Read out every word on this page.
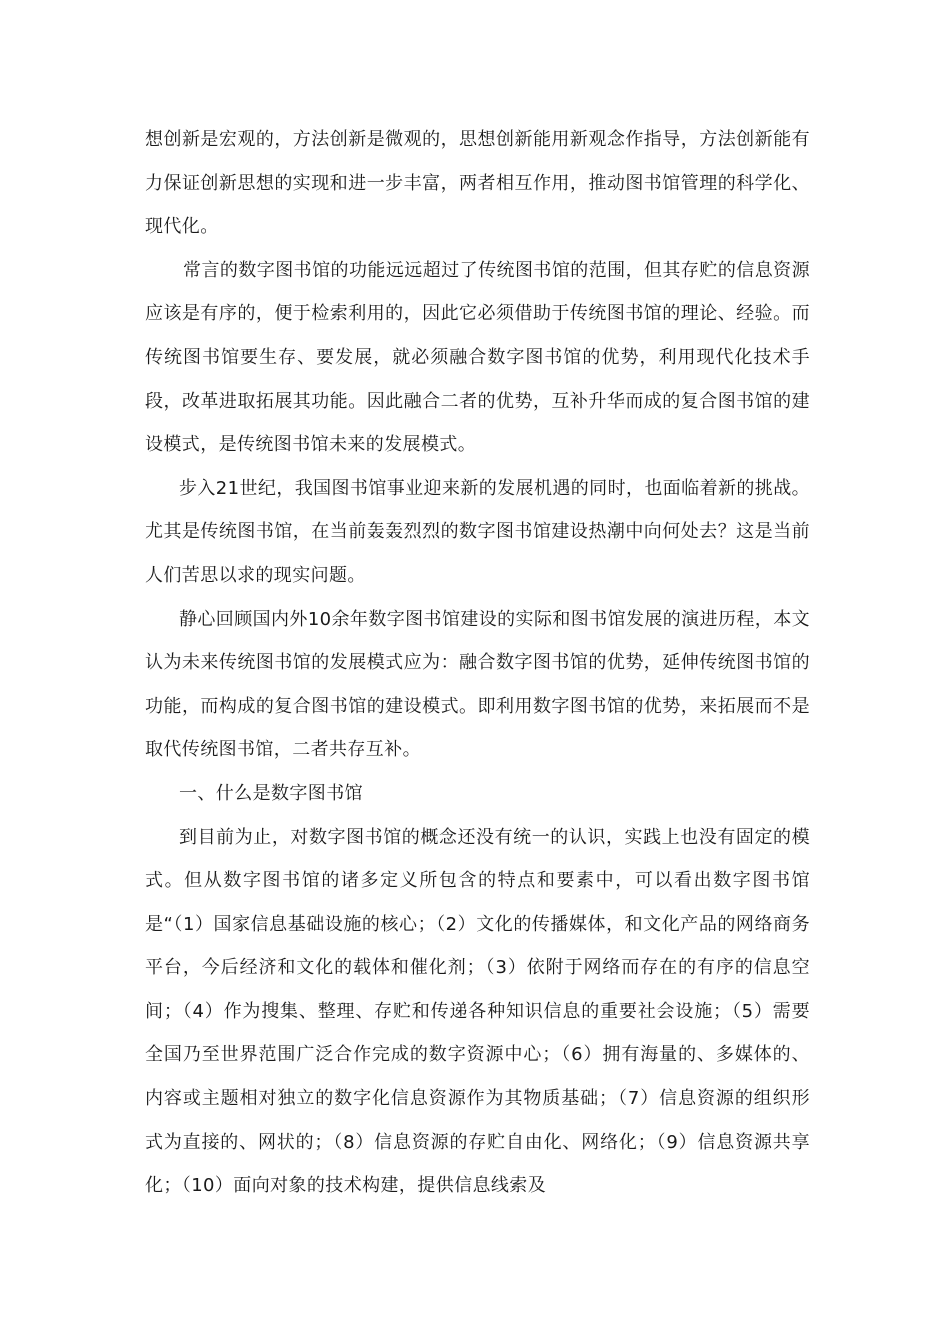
想创新是宏观的，方法创新是微观的，思想创新能用新观念作指导，方法创新能有力保证创新思想的实现和进一步丰富，两者相互作用，推动图书馆管理的科学化、现代化。

常言的数字图书馆的功能远远超过了传统图书馆的范围，但其存贮的信息资源应该是有序的，便于检索利用的，因此它必须借助于传统图书馆的理论、经验。而传统图书馆要生存、要发展，就必须融合数字图书馆的优势，利用现代化技术手段，改革进取拓展其功能。因此融合二者的优势，互补升华而成的复合图书馆的建设模式，是传统图书馆未来的发展模式。

步入21世纪，我国图书馆事业迎来新的发展机遇的同时，也面临着新的挑战。尤其是传统图书馆，在当前轰轰烈烈的数字图书馆建设热潮中向何处去？这是当前人们苦思以求的现实问题。

静心回顾国内外10余年数字图书馆建设的实际和图书馆发展的演进历程，本文认为未来传统图书馆的发展模式应为：融合数字图书馆的优势，延伸传统图书馆的功能，而构成的复合图书馆的建设模式。即利用数字图书馆的优势，来拓展而不是取代传统图书馆，二者共存互补。

一、什么是数字图书馆

到目前为止，对数字图书馆的概念还没有统一的认识，实践上也没有固定的模式。但从数字图书馆的诸多定义所包含的特点和要素中，可以看出数字图书馆是“（1）国家信息基础设施的核心；（2）文化的传播媒体，和文化产品的网络商务平台，今后经济和文化的载体和催化剂；（3）依附于网络而存在的有序的信息空间；（4）作为搜集、整理、存贮和传递各种知识信息的重要社会设施；（5）需要全国乃至世界范围广泛合作完成的数字资源中心；（6）拥有海量的、多媒体的、 内容或主题相对独立的数字化信息资源作为其物质基础；（7）信息资源的组织形式为直接的、网状的；（8）信息资源的存贮自由化、网络化；（9）信息资源共享化；（10）面向对象的技术构建，提供信息线索及
